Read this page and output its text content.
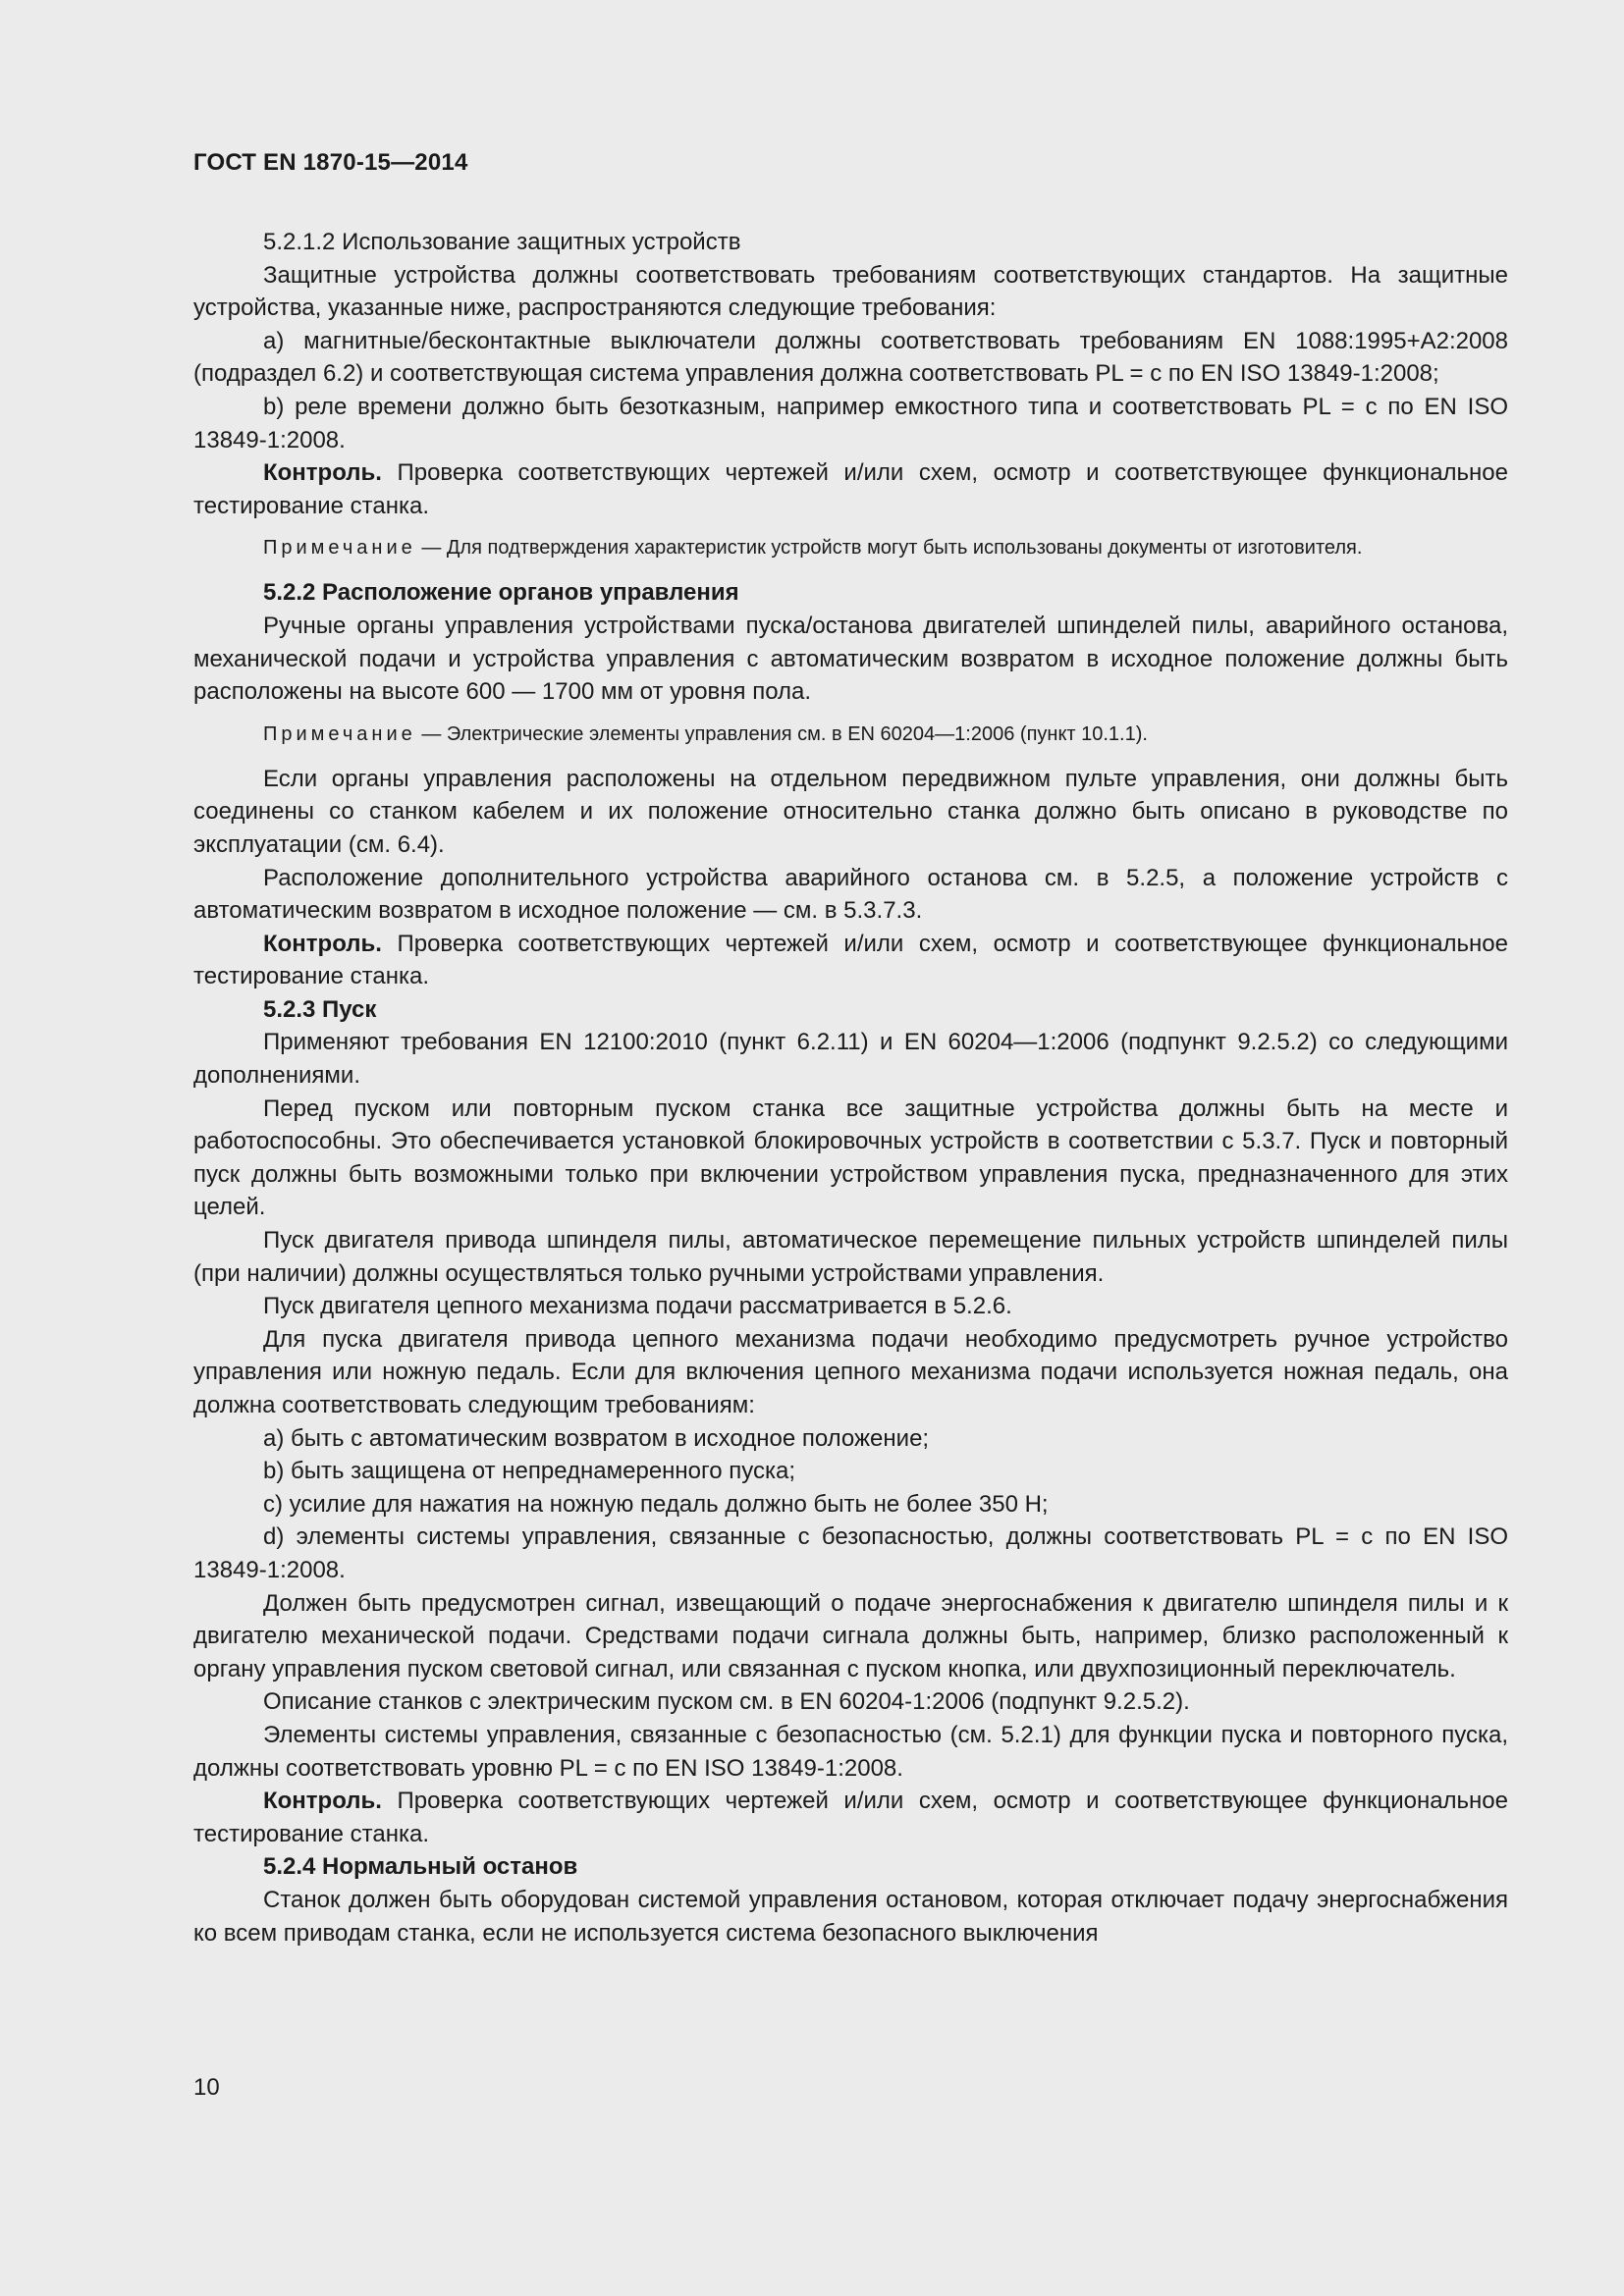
ГОСТ EN 1870-15—2014

5.2.1.2 Использование защитных устройств

Защитные устройства должны соответствовать требованиям соответствующих стандартов. На защитные устройства, указанные ниже, распространяются следующие требования:

a) магнитные/бесконтактные выключатели должны соответствовать требованиям EN 1088:1995+A2:2008 (подраздел 6.2) и соответствующая система управления должна соответствовать PL = c по EN ISO 13849-1:2008;

b) реле времени должно быть безотказным, например емкостного типа и соответствовать PL = c по EN ISO 13849-1:2008.

Контроль. Проверка соответствующих чертежей и/или схем, осмотр и соответствующее функциональное тестирование станка.

Примечание — Для подтверждения характеристик устройств могут быть использованы документы от изготовителя.

5.2.2 Расположение органов управления

Ручные органы управления устройствами пуска/останова двигателей шпинделей пилы, аварийного останова, механической подачи и устройства управления с автоматическим возвратом в исходное положение должны быть расположены на высоте 600 — 1700 мм от уровня пола.

Примечание — Электрические элементы управления см. в EN 60204—1:2006 (пункт 10.1.1).

Если органы управления расположены на отдельном передвижном пульте управления, они должны быть соединены со станком кабелем и их положение относительно станка должно быть описано в руководстве по эксплуатации (см. 6.4).

Расположение дополнительного устройства аварийного останова см. в 5.2.5, а положение устройств с автоматическим возвратом в исходное положение — см. в 5.3.7.3.

Контроль. Проверка соответствующих чертежей и/или схем, осмотр и соответствующее функциональное тестирование станка.

5.2.3 Пуск

Применяют требования EN 12100:2010 (пункт 6.2.11) и EN 60204—1:2006 (подпункт 9.2.5.2) со следующими дополнениями.

Перед пуском или повторным пуском станка все защитные устройства должны быть на месте и работоспособны. Это обеспечивается установкой блокировочных устройств в соответствии с 5.3.7. Пуск и повторный пуск должны быть возможными только при включении устройством управления пуска, предназначенного для этих целей.

Пуск двигателя привода шпинделя пилы, автоматическое перемещение пильных устройств шпинделей пилы (при наличии) должны осуществляться только ручными устройствами управления.

Пуск двигателя цепного механизма подачи рассматривается в 5.2.6.

Для пуска двигателя привода цепного механизма подачи необходимо предусмотреть ручное устройство управления или ножную педаль. Если для включения цепного механизма подачи используется ножная педаль, она должна соответствовать следующим требованиям:

a) быть с автоматическим возвратом в исходное положение;

b) быть защищена от непреднамеренного пуска;

c) усилие для нажатия на ножную педаль должно быть не более 350 Н;

d) элементы системы управления, связанные с безопасностью, должны соответствовать PL = c по EN ISO 13849-1:2008.

Должен быть предусмотрен сигнал, извещающий о подаче энергоснабжения к двигателю шпинделя пилы и к двигателю механической подачи. Средствами подачи сигнала должны быть, например, близко расположенный к органу управления пуском световой сигнал, или связанная с пуском кнопка, или двухпозиционный переключатель.

Описание станков с электрическим пуском см. в EN 60204-1:2006 (подпункт 9.2.5.2).

Элементы системы управления, связанные с безопасностью (см. 5.2.1) для функции пуска и повторного пуска, должны соответствовать уровню PL = c по EN ISO 13849-1:2008.

Контроль. Проверка соответствующих чертежей и/или схем, осмотр и соответствующее функциональное тестирование станка.

5.2.4 Нормальный останов

Станок должен быть оборудован системой управления остановом, которая отключает подачу энергоснабжения ко всем приводам станка, если не используется система безопасного выключения

10
